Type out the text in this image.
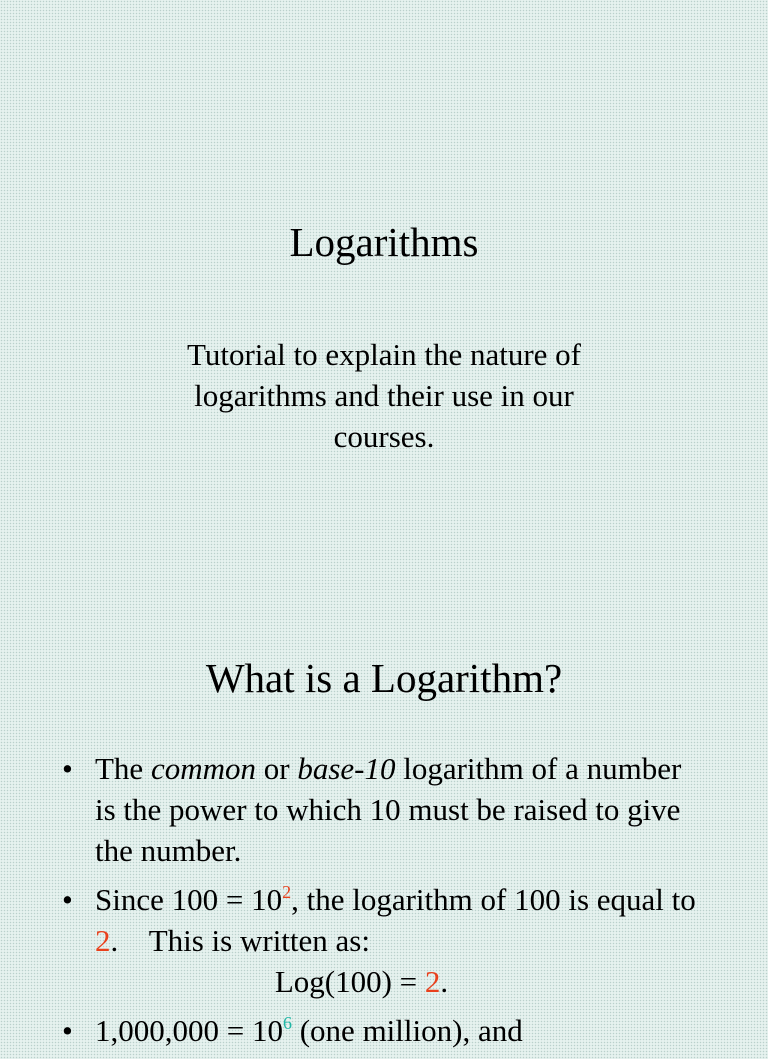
Logarithms

Tutorial to explain the nature of
logarithms and their use in our
courses.

What is a Logarithm?
• The common or base-10 logarithm of a number is the power to which 10 must be raised to give the number.
• Since $100 = 10^2$, the logarithm of 100 is equal to 2.    This is written as:
Log(100) = 2.
• $1,000,000 = 10^6$ (one million), and
